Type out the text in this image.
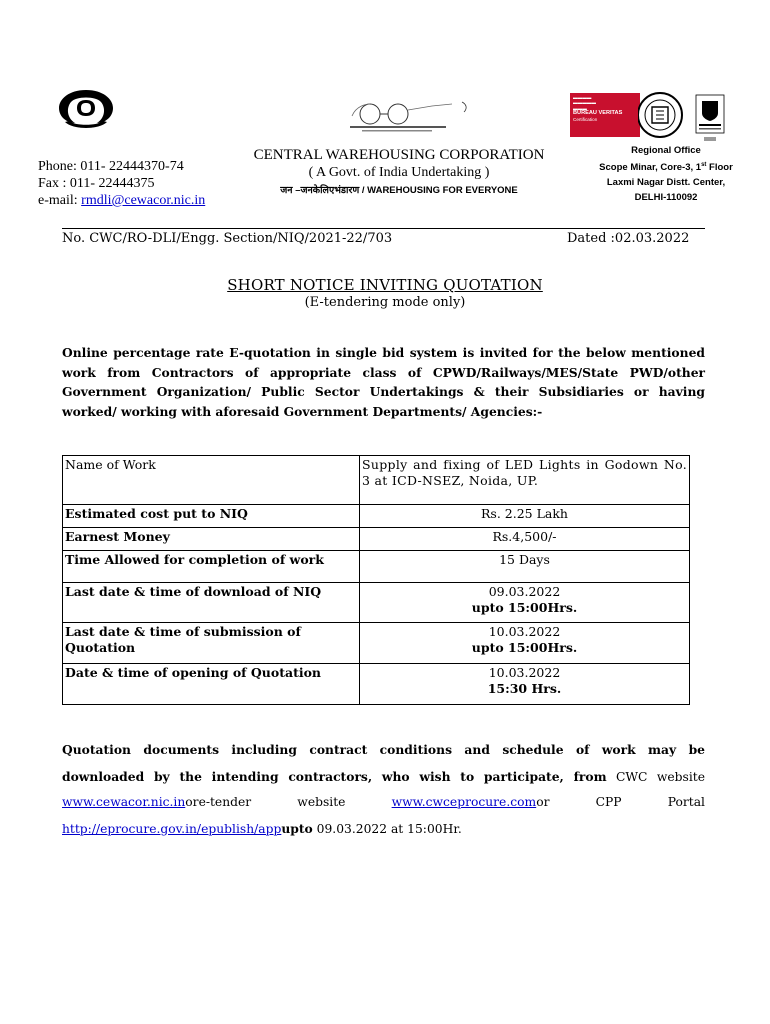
▬▬▬▬
▬▬▬▬▬
▬▬▬
BUREAU VERITAS
Certification
Phone: 011- 22444370-74
Fax : 011- 22444375
e-mail: rmdli@cewacor.nic.in
CENTRAL WAREHOUSING CORPORATION
( A Govt. of India Undertaking )
जन –जनकेलिएभंडारण / WAREHOUSING FOR EVERYONE
Regional Office
Scope Minar, Core-3, 1st Floor
Laxmi Nagar Distt. Center,
DELHI-110092
No. CWC/RO-DLI/Engg. Section/NIQ/2021-22/703	Dated :02.03.2022
SHORT NOTICE INVITING QUOTATION
(E-tendering mode only)
Online percentage rate E-quotation in single bid system is invited for the below mentioned work from Contractors of appropriate class of CPWD/Railways/MES/State PWD/other Government Organization/ Public Sector Undertakings & their Subsidiaries or having worked/ working with aforesaid Government Departments/ Agencies:-
Name of Work	Supply and fixing of LED Lights in Godown No. 3 at ICD-NSEZ, Noida, UP.
Estimated cost put to NIQ	Rs. 2.25 Lakh
Earnest Money	Rs.4,500/-
Time Allowed for completion of work	15 Days
Last date & time of download of NIQ	09.03.2022
upto 15:00Hrs.

Last date & time of submission of Quotation	10.03.2022
upto 15:00Hrs.

Date & time of opening of Quotation	10.03.2022
15:30 Hrs.
Quotation documents including contract conditions and schedule of work may be downloaded by the intending contractors, who wish to participate, from CWC website www.cewacor.nic.inore-tender website www.cwceprocure.comor CPP Portal http://eprocure.gov.in/epublish/appupto 09.03.2022 at 15:00Hr.
